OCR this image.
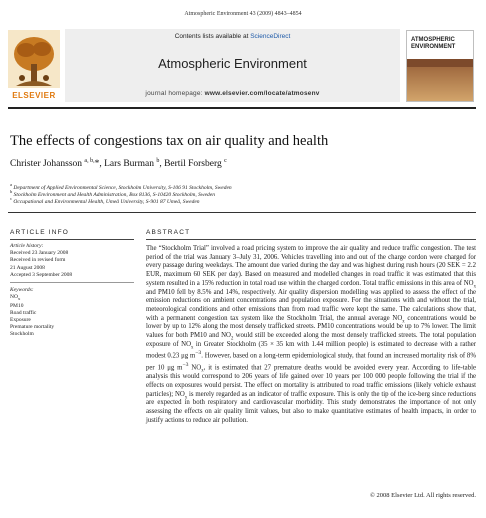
Atmospheric Environment 43 (2009) 4843–4854
Contents lists available at ScienceDirect
Atmospheric Environment
journal homepage: www.elsevier.com/locate/atmosenv
ELSEVIER
ATMOSPHERIC ENVIRONMENT
The effects of congestions tax on air quality and health
Christer Johansson $^{a, b,}$*, Lars Burman $^b$, Bertil Forsberg $^c$
$^a$ Department of Applied Environmental Science, Stockholm University, S-106 91 Stockholm, Sweden
$^b$ Stockholm Environment and Health Administration, Box 8136, S-10420 Stockholm, Sweden
$^c$ Occupational and Environmental Health, Umeå University, S-901 87 Umeå, Sweden
ARTICLE INFO
Article history:
Received 23 January 2008
Received in revised form
21 August 2008
Accepted 3 September 2008
Keywords:
$NO_x$
PM10
Road traffic
Exposure
Premature mortality
Stockholm
ABSTRACT
The “Stockholm Trial” involved a road pricing system to improve the air quality and reduce traffic congestion. The test period of the trial was January 3–July 31, 2006. Vehicles travelling into and out of the charge cordon were charged for every passage during weekdays. The amount due varied during the day and was highest during rush hours (20 SEK = 2.2 EUR, maximum 60 SEK per day). Based on measured and modelled changes in road traffic it was estimated that this system resulted in a 15% reduction in total road use within the charged cordon. Total traffic emissions in this area of $NO_x$ and PM10 fell by 8.5% and 14%, respectively. Air quality dispersion modelling was applied to assess the effect of the emission reductions on ambient concentrations and population exposure. For the situations with and without the trial, meteorological conditions and other emissions than from road traffic were kept the same. The calculations show that, with a permanent congestion tax system like the Stockholm Trial, the annual average $NO_x$ concentrations would be lower by up to 12% along the most densely trafficked streets. PM10 concentrations would be up to 7% lower. The limit values for both PM10 and $NO_2$ would still be exceeded along the most densely trafficked streets. The total population exposure of $NO_x$ in Greater Stockholm (35 × 35 km with 1.44 million people) is estimated to decrease with a rather modest 0.23 μg $m^{-3}$. However, based on a long-term epidemiological study, that found an increased mortality risk of 8% per 10 μg $m^{-3}$ $NO_x$, it is estimated that 27 premature deaths would be avoided every year. According to life-table analysis this would correspond to 206 years of life gained over 10 years per 100 000 people following the trial if the effects on exposures would persist. The effect on mortality is attributed to road traffic emissions (likely vehicle exhaust particles); $NO_x$ is merely regarded as an indicator of traffic exposure. This is only the tip of the ice-berg since reductions are expected in both respiratory and cardiovascular morbidity. This study demonstrates the importance of not only assessing the effects on air quality limit values, but also to make quantitative estimates of health impacts, in order to justify actions to reduce air pollution.
© 2008 Elsevier Ltd. All rights reserved.
